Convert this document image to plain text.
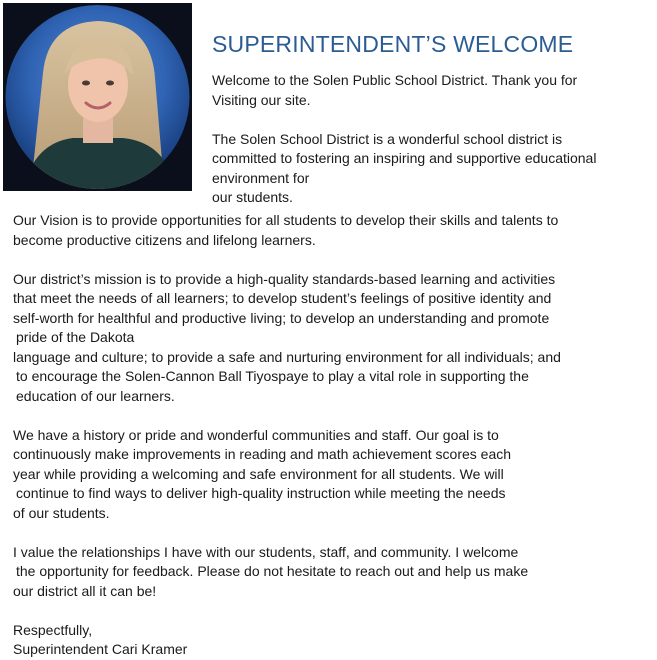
SUPERINTENDENT’S WELCOME

Welcome to the Solen Public School District. Thank you for
Visiting our site.

The Solen School District is a wonderful school district is
committed to fostering an inspiring and supportive educational
environment for
our students.

Our Vision is to provide opportunities for all students to develop their skills and talents to
become productive citizens and lifelong learners.

Our district’s mission is to provide a high-quality standards-based learning and activities
that meet the needs of all learners; to develop student’s feelings of positive identity and
self-worth for healthful and productive living; to develop an understanding and promote
pride of the Dakota
language and culture; to provide a safe and nurturing environment for all individuals; and
to encourage the Solen-Cannon Ball Tiyospaye to play a vital role in supporting the
education of our learners.

We have a history or pride and wonderful communities and staff. Our goal is to
continuously make improvements in reading and math achievement scores each
year while providing a welcoming and safe environment for all students. We will
continue to find ways to deliver high-quality instruction while meeting the needs
of our students.

I value the relationships I have with our students, staff, and community. I welcome
the opportunity for feedback. Please do not hesitate to reach out and help us make
our district all it can be!

Respectfully,
Superintendent Cari Kramer
